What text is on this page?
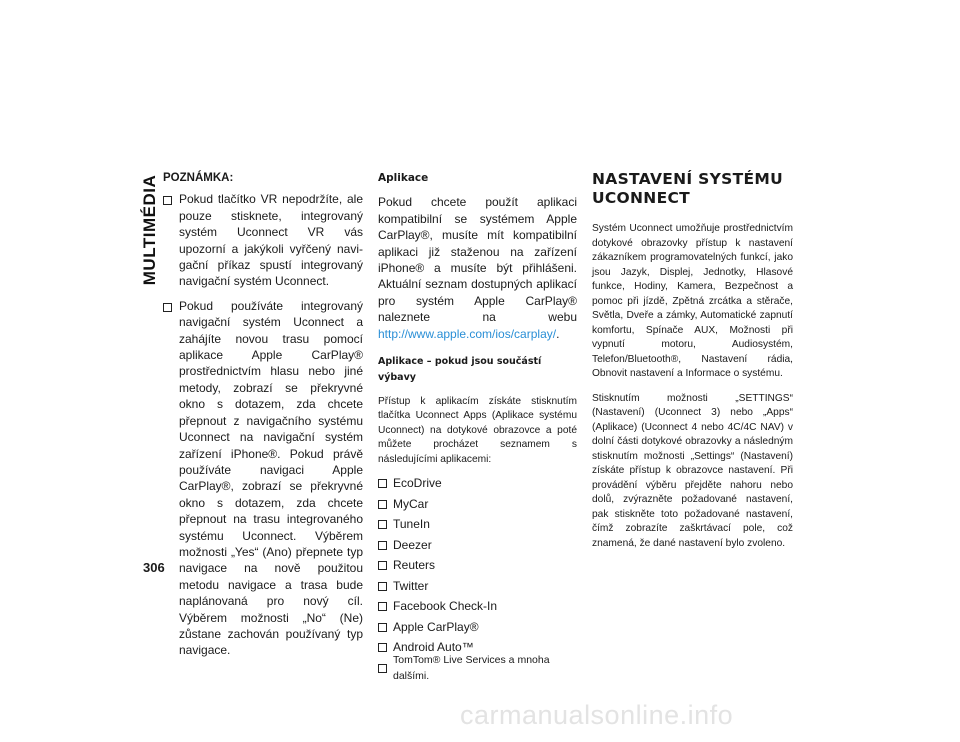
MULTIMÉDIA
306
POZNÁMKA:
Pokud tlačítko VR nepodržíte, ale pouze stisknete, integrovaný systém Uconnect VR vás upozorní a jakýkoli vyřčený navigační příkaz spustí integrovaný navigační systém Uconnect.
Pokud používáte integrovaný navigační systém Uconnect a zahájíte novou trasu pomocí aplikace Apple CarPlay® prostřednictvím hlasu nebo jiné metody, zobrazí se překryvné okno s dotazem, zda chcete přepnout z navigačního systému Uconnect na navigační systém zařízení iPhone®. Pokud právě používáte navigaci Apple CarPlay®, zobrazí se překryvné okno s dotazem, zda chcete přepnout na trasu integrovaného systému Uconnect. Výběrem možnosti „Yes“ (Ano) přepnete typ navigace na nově použitou metodu navigace a trasa bude naplánovaná pro nový cíl. Výběrem možnosti „No“ (Ne) zůstane zachován používaný typ navigace.
Aplikace

Pokud chcete použít aplikaci kompatibilní se systémem Apple CarPlay®, musíte mít kompatibilní aplikaci již staženou na zařízení iPhone® a musíte být přihlášeni. Aktuální seznam dostupných aplikací pro systém Apple CarPlay® naleznete na webu http://www.apple.com/ios/carplay/.

Aplikace – pokud jsou součástí výbavy

Přístup k aplikacím získáte stisknutím tlačítka Uconnect Apps (Aplikace systému Uconnect) na dotykové obrazovce a poté můžete procházet seznamem s následujícími aplikacemi:

EcoDrive
MyCar
TuneIn
Deezer
Reuters
Twitter
Facebook Check-In
Apple CarPlay®
Android Auto™
TomTom® Live Services a mnoha dalšími.
NASTAVENÍ SYSTÉMU UCONNECT

Systém Uconnect umožňuje prostřednictvím dotykové obrazovky přístup k nastavení zákazníkem programovatelných funkcí, jako jsou Jazyk, Displej, Jednotky, Hlasové funkce, Hodiny, Kamera, Bezpečnost a pomoc při jízdě, Zpětná zrcátka a stěrače, Světla, Dveře a zámky, Automatické zapnutí komfortu, Spínače AUX, Možnosti při vypnutí motoru, Audiosystém, Telefon/Bluetooth®, Nastavení rádia, Obnovit nastavení a Informace o systému.

Stisknutím možnosti „SETTINGS“ (Nastavení) (Uconnect 3) nebo „Apps“ (Aplikace) (Uconnect 4 nebo 4C/4C NAV) v dolní části dotykové obrazovky a následným stisknutím možnosti „Settings“ (Nastavení) získáte přístup k obrazovce nastavení. Při provádění výběru přejděte nahoru nebo dolů, zvýrazněte požadované nastavení, pak stiskněte toto požadované nastavení, čímž zobrazíte zaškrtávací pole, což znamená, že dané nastavení bylo zvoleno.

carmanualsonline.info
